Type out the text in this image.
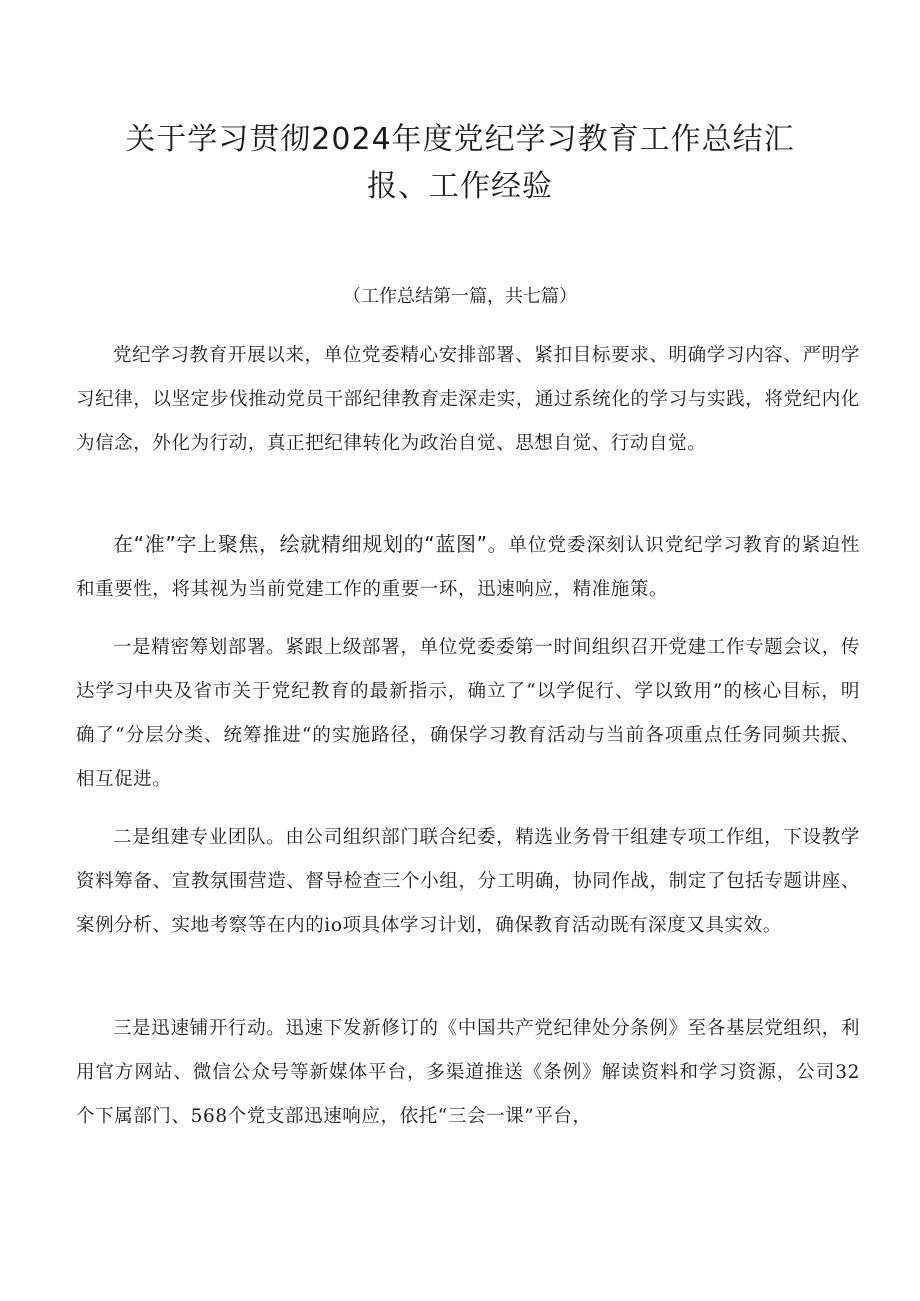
关于学习贯彻2024年度党纪学习教育工作总结汇
报、工作经验
（工作总结第一篇，共七篇）

党纪学习教育开展以来，单位党委精心安排部署、紧扣目标要求、明确学习内容、严明学习纪律，以坚定步伐推动党员干部纪律教育走深走实，通过系统化的学习与实践，将党纪内化为信念，外化为行动，真正把纪律转化为政治自觉、思想自觉、行动自觉。

在“准”字上聚焦，绘就精细规划的“蓝图”。单位党委深刻认识党纪学习教育的紧迫性和重要性，将其视为当前党建工作的重要一环，迅速响应，精准施策。

一是精密筹划部署。紧跟上级部署，单位党委委第一时间组织召开党建工作专题会议，传达学习中央及省市关于党纪教育的最新指示，确立了“以学促行、学以致用”的核心目标，明确了“分层分类、统筹推进“的实施路径，确保学习教育活动与当前各项重点任务同频共振、相互促进。

二是组建专业团队。由公司组织部门联合纪委，精选业务骨干组建专项工作组，下设教学资料筹备、宣教氛围营造、督导检查三个小组，分工明确，协同作战，制定了包括专题讲座、案例分析、实地考察等在内的io项具体学习计划，确保教育活动既有深度又具实效。

三是迅速铺开行动。迅速下发新修订的《中国共产党纪律处分条例》至各基层党组织，利用官方网站、微信公众号等新媒体平台，多渠道推送《条例》解读资料和学习资源，公司32个下属部门、568个党支部迅速响应，依托“三会一课”平台，
